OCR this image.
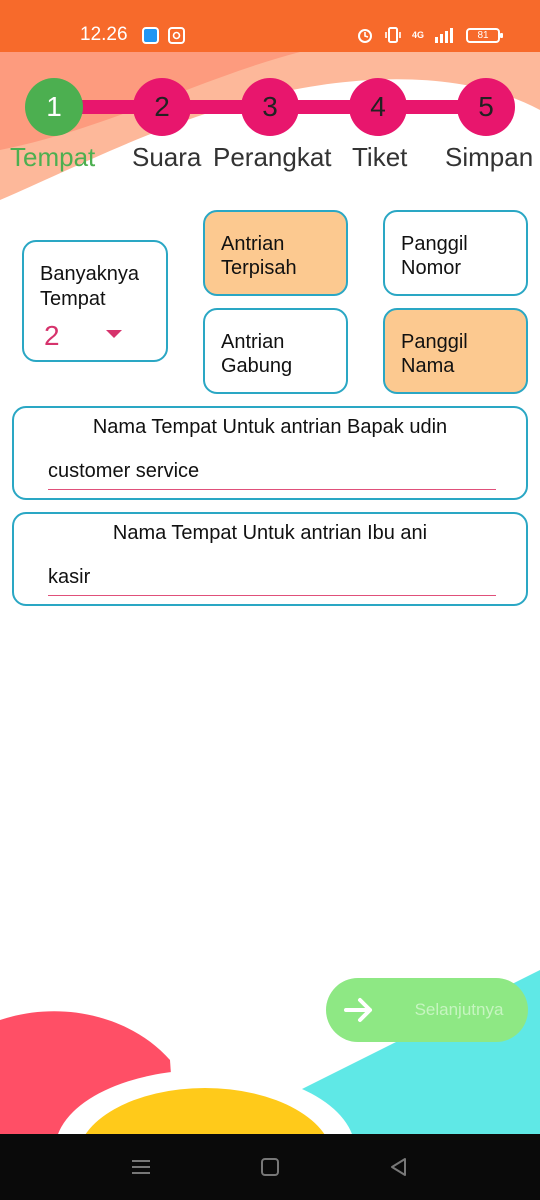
12.26	4G	81
1	2	3	4	5
Tempat Suara Perangkat Tiket Simpan
Banyaknya Tempat
2
Antrian Terpisah
Panggil Nomor
Antrian Gabung
Panggil Nama
Nama Tempat Untuk antrian Bapak udin
customer service
Nama Tempat Untuk antrian Ibu ani
kasir
Selanjutnya
